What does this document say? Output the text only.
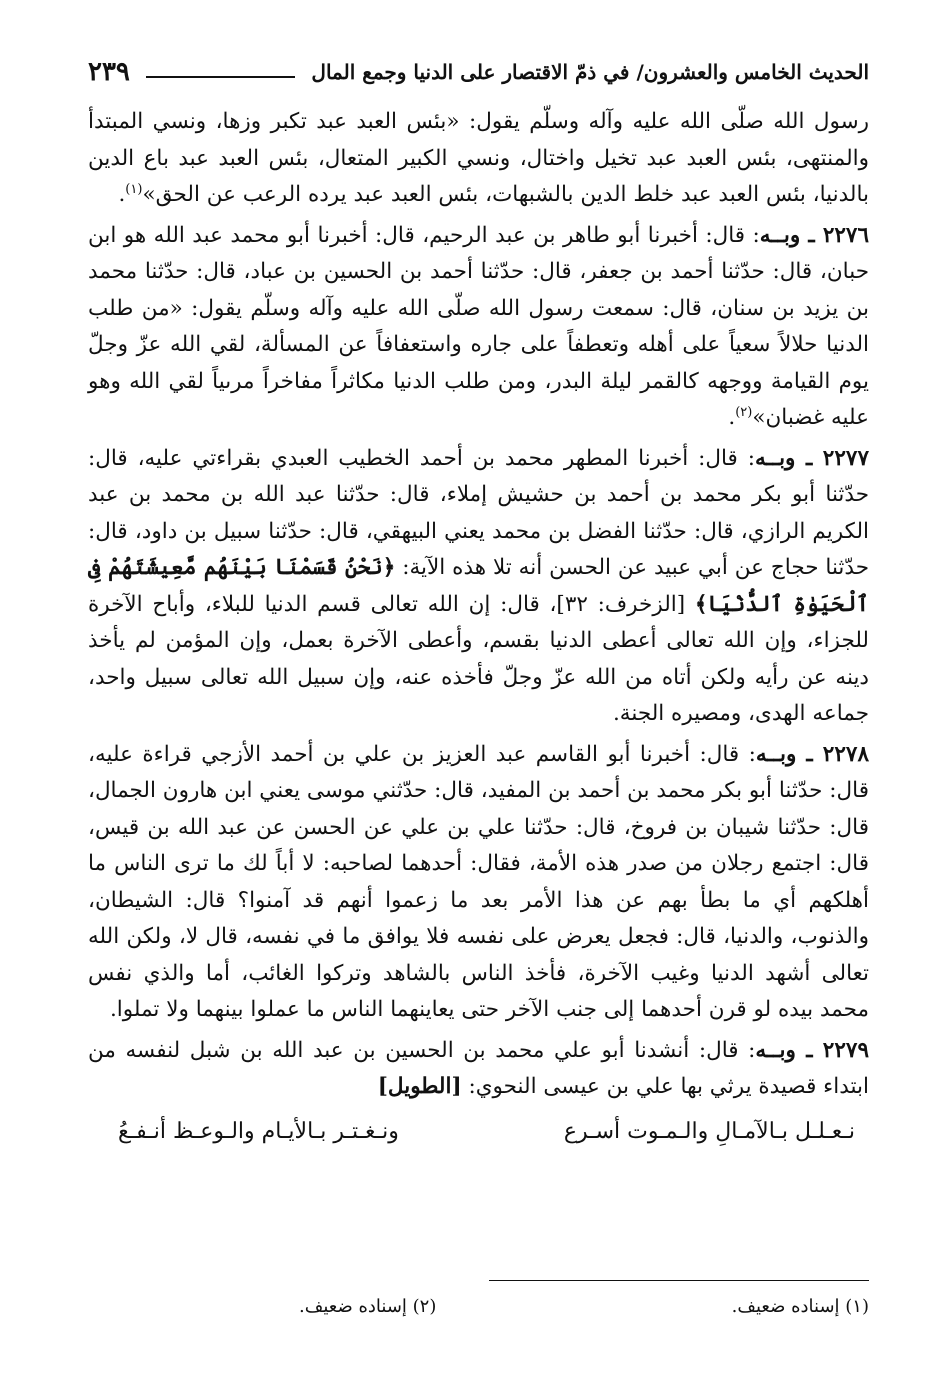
الحديث الخامس والعشرون/ في ذمّ الاقتصار على الدنيا وجمع المال
٢٣٩

رسول الله صلّى الله عليه وآله وسلّم يقول: «بئس العبد عبد تكبر وزها، ونسي المبتدأ والمنتهى، بئس العبد عبد تخيل واختال، ونسي الكبير المتعال، بئس العبد عبد باع الدين بالدنيا، بئس العبد عبد خلط الدين بالشبهات، بئس العبد عبد يرده الرعب عن الحق»$^{(١)}$.

٢٢٧٦ ـ وبــه: قال: أخبرنا أبو طاهر بن عبد الرحيم، قال: أخبرنا أبو محمد عبد الله هو ابن حبان، قال: حدّثنا أحمد بن جعفر، قال: حدّثنا أحمد بن الحسين بن عباد، قال: حدّثنا محمد بن يزيد بن سنان، قال: سمعت رسول الله صلّى الله عليه وآله وسلّم يقول: «من طلب الدنيا حلالاً سعياً على أهله وتعطفاً على جاره واستعفافاً عن المسألة، لقي الله عزّ وجلّ يوم القيامة ووجهه كالقمر ليلة البدر، ومن طلب الدنيا مكاثراً مفاخراً مرىياً لقي الله وهو عليه غضبان»$^{(٢)}$.

٢٢٧٧ ـ وبــه: قال: أخبرنا المطهر محمد بن أحمد الخطيب العبدي بقراءتي عليه، قال: حدّثنا أبو بكر محمد بن أحمد بن حشيش إملاء، قال: حدّثنا عبد الله بن محمد بن عبد الكريم الرازي، قال: حدّثنا الفضل بن محمد يعني البيهقي، قال: حدّثنا سبيل بن داود، قال: حدّثنا حجاج عن أبي عبيد عن الحسن أنه تلا هذه الآية: ﴿نَحْنُ قَسَمْنَا بَيْنَهُم مَّعِيشَتَهُمْ فِى ٱلْحَيَوٰةِ ٱلدُّنْيَا﴾ [الزخرف: ٣٢]، قال: إن الله تعالى قسم الدنيا للبلاء، وأباح الآخرة للجزاء، وإن الله تعالى أعطى الدنيا بقسم، وأعطى الآخرة بعمل، وإن المؤمن لم يأخذ دينه عن رأيه ولكن أتاه من الله عزّ وجلّ فأخذه عنه، وإن سبيل الله تعالى سبيل واحد، جماعه الهدى، ومصيره الجنة.

٢٢٧٨ ـ وبــه: قال: أخبرنا أبو القاسم عبد العزيز بن علي بن أحمد الأزجي قراءة عليه، قال: حدّثنا أبو بكر محمد بن أحمد بن المفيد، قال: حدّثني موسى يعني ابن هارون الجمال، قال: حدّثنا شيبان بن فروخ، قال: حدّثنا علي بن علي عن الحسن عن عبد الله بن قيس، قال: اجتمع رجلان من صدر هذه الأمة، فقال: أحدهما لصاحبه: لا أباً لك ما ترى الناس ما أهلكهم أي ما بطأ بهم عن هذا الأمر بعد ما زعموا أنهم قد آمنوا؟ قال: الشيطان، والذنوب، والدنيا، قال: فجعل يعرض على نفسه فلا يوافق ما في نفسه، قال لا، ولكن الله تعالى أشهد الدنيا وغيب الآخرة، فأخذ الناس بالشاهد وتركوا الغائب، أما والذي نفس محمد بيده لو قرن أحدهما إلى جنب الآخر حتى يعاينهما الناس ما عملوا بينهما ولا تملوا.

٢٢٧٩ ـ وبــه: قال: أنشدنا أبو علي محمد بن الحسين بن عبد الله بن شبل لنفسه من ابتداء قصيدة يرثي بها علي بن عيسى النحوي: [الطويل]

نـعـلـل بـالآمـالِ والـمـوت أسـرع
ونـغـتـر بـالأيـام والـوعـظ أنـفـعُ
(١) إسناده ضعيف.
(٢) إسناده ضعيف.
